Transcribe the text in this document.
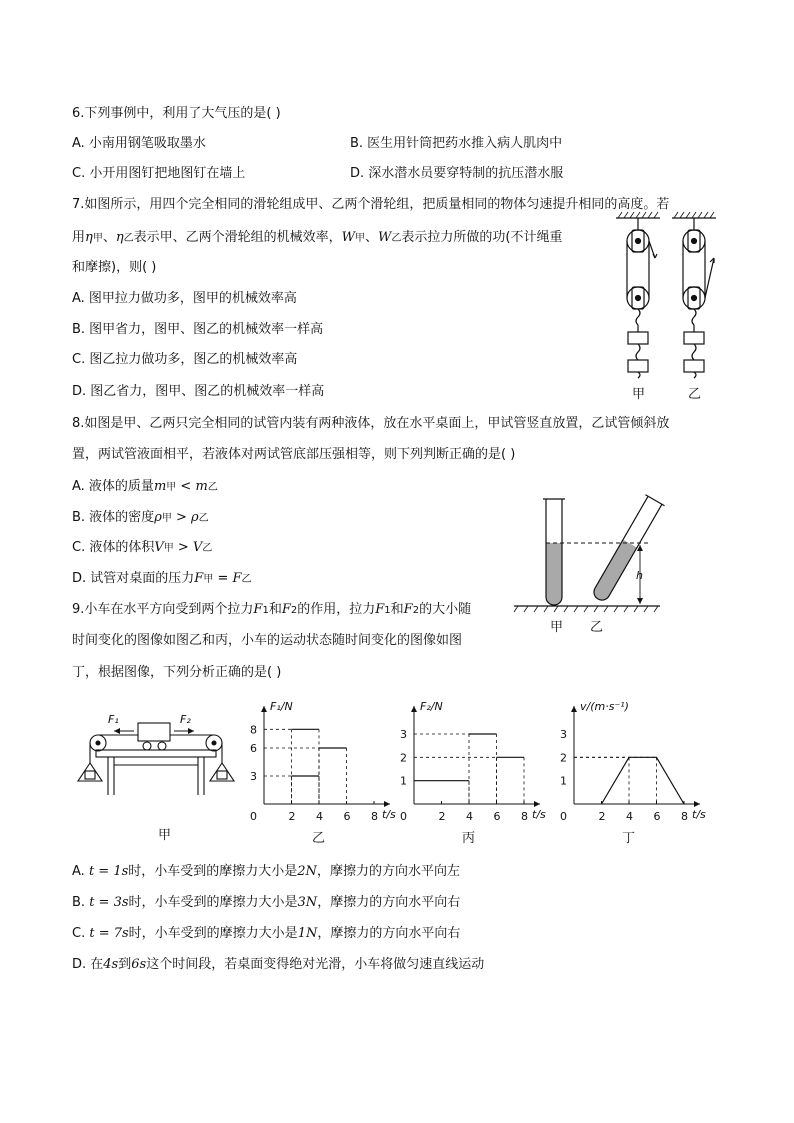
6.下列事例中，利用了大气压的是( )
A. 小南用钢笔吸取墨水	B. 医生用针筒把药水推入病人肌肉中
C. 小开用图钉把地图钉在墙上	D. 深水潜水员要穿特制的抗压潜水服
7.如图所示，用四个完全相同的滑轮组成甲、乙两个滑轮组，把质量相同的物体匀速提升相同的高度。若
用η甲、η乙表示甲、乙两个滑轮组的机械效率，W甲、W乙表示拉力所做的功(不计绳重
和摩擦)，则( )
A. 图甲拉力做功多，图甲的机械效率高
B. 图甲省力，图甲、图乙的机械效率一样高
C. 图乙拉力做功多，图乙的机械效率高
D. 图乙省力，图甲、图乙的机械效率一样高	甲	乙
8.如图是甲、乙两只完全相同的试管内装有两种液体，放在水平桌面上，甲试管竖直放置，乙试管倾斜放
置，两试管液面相平，若液体对两试管底部压强相等，则下列判断正确的是( )
A. 液体的质量m甲 < m乙
B. 液体的密度ρ甲 > ρ乙
C. 液体的体积V甲 > V乙
D. 试管对桌面的压力F甲 = F乙	h
甲 乙
9.小车在水平方向受到两个拉力F1和F2的作用，拉力F1和F2的大小随
时间变化的图像如图乙和丙，小车的运动状态随时间变化的图像如图
丁，根据图像，下列分析正确的是( )
F₁	F₂
甲
F₁/N
t/s
0	2 4 6 8
3
6
8
乙
F₂/N
t/s
0	2 4 6 8
1
2
3
丙
v/(m·s⁻¹)
t/s
0	2 4 6 8
1
2
3
丁
A. t = 1s时，小车受到的摩擦力大小是2N，摩擦力的方向水平向左
B. t = 3s时，小车受到的摩擦力大小是3N，摩擦力的方向水平向右
C. t = 7s时，小车受到的摩擦力大小是1N，摩擦力的方向水平向右
D. 在4s到6s这个时间段，若桌面变得绝对光滑，小车将做匀速直线运动
